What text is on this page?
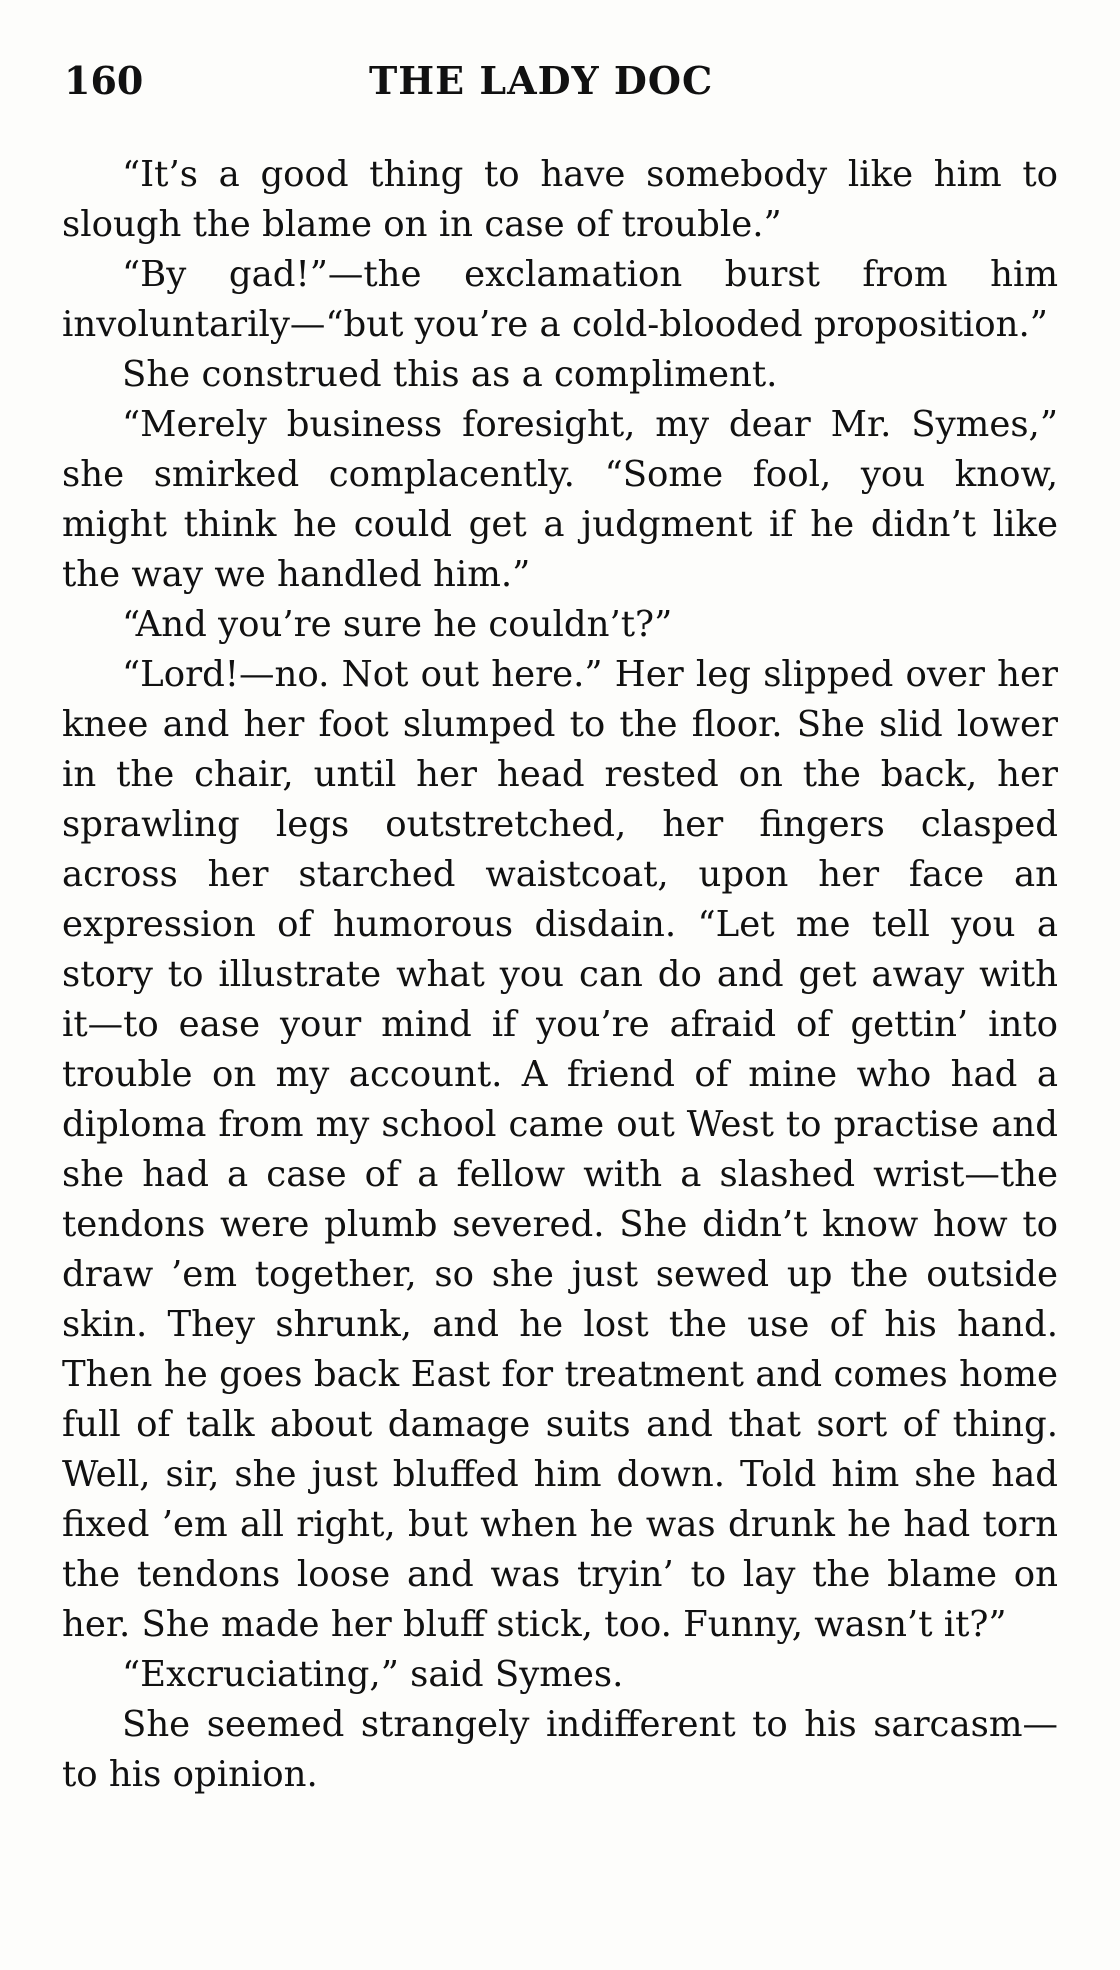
160	THE LADY DOC

“It’s a good thing to have somebody like him to slough the blame on in case of trouble.”

“By gad!”—the exclamation burst from him involuntarily—“but you’re a cold-blooded proposition.”

She construed this as a compliment.

“Merely business foresight, my dear Mr. Symes,” she smirked complacently. “Some fool, you know, might think he could get a judgment if he didn’t like the way we handled him.”

“And you’re sure he couldn’t?”

“Lord!—no. Not out here.” Her leg slipped over her knee and her foot slumped to the floor. She slid lower in the chair, until her head rested on the back, her sprawling legs outstretched, her fingers clasped across her starched waistcoat, upon her face an expression of humorous disdain. “Let me tell you a story to illustrate what you can do and get away with it—to ease your mind if you’re afraid of gettin’ into trouble on my account. A friend of mine who had a diploma from my school came out West to practise and she had a case of a fellow with a slashed wrist—the tendons were plumb severed. She didn’t know how to draw ’em together, so she just sewed up the outside skin. They shrunk, and he lost the use of his hand. Then he goes back East for treatment and comes home full of talk about damage suits and that sort of thing. Well, sir, she just bluffed him down. Told him she had fixed ’em all right, but when he was drunk he had torn the tendons loose and was tryin’ to lay the blame on her. She made her bluff stick, too. Funny, wasn’t it?”

“Excruciating,” said Symes.

She seemed strangely indifferent to his sarcasm—to his opinion.
